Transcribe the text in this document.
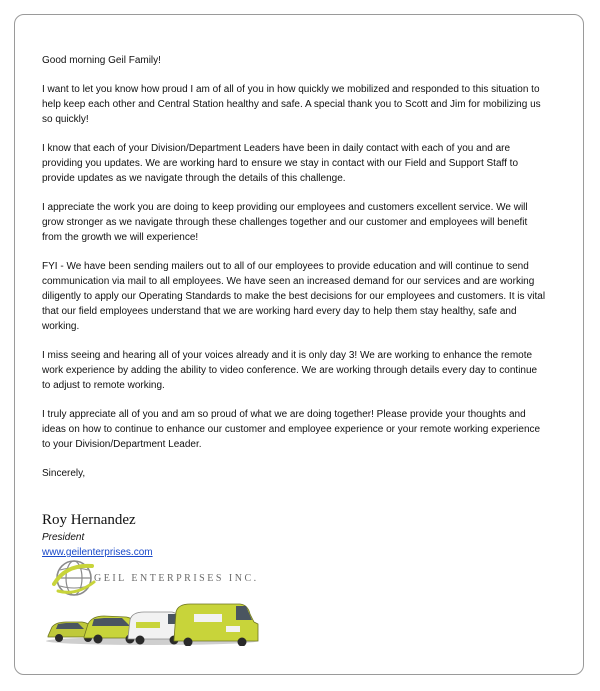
Good morning Geil Family!

I want to let you know how proud I am of all of you in how quickly we mobilized and responded to this situation to
help keep each other and Central Station healthy and safe. A special thank you to Scott and Jim for mobilizing us
so quickly!

I know that each of your Division/Department Leaders have been in daily contact with each of you and are
providing you updates. We are working hard to ensure we stay in contact with our Field and Support Staff to
provide updates as we navigate through the details of this challenge.

I appreciate the work you are doing to keep providing our employees and customers excellent service. We will
grow stronger as we navigate through these challenges together and our customer and employees will benefit
from the growth we will experience!

FYI - We have been sending mailers out to all of our employees to provide education and will continue to send
communication via mail to all employees. We have seen an increased demand for our services and are working
diligently to apply our Operating Standards to make the best decisions for our employees and customers. It is vital
that our field employees understand that we are working hard every day to help them stay healthy, safe and
working.

I miss seeing and hearing all of your voices already and it is only day 3! We are working to enhance the remote
work experience by adding the ability to video conference. We are working through details every day to continue
to adjust to remote working.

I truly appreciate all of you and am so proud of what we are doing together! Please provide your thoughts and
ideas on how to continue to enhance our customer and employee experience or your remote working experience
to your Division/Department Leader.

Sincerely,

Roy Hernandez

President

www.geilenterprises.com
GEIL ENTERPRISES INC.
